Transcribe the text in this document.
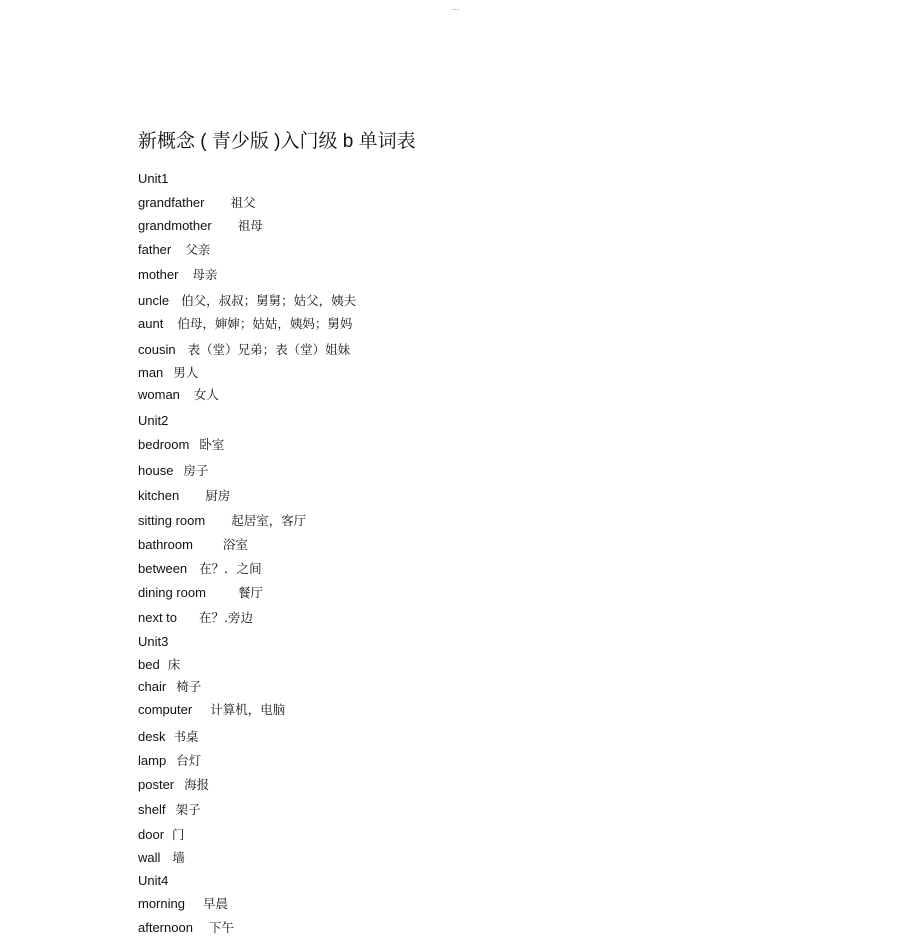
...
新概念 ( 青少版 )入门级 b 单词表
Unit1
grandfather 祖父
grandmother 祖母
father 父亲
mother 母亲
uncle 伯父，叔叔；舅舅；姑父，姨夫
aunt 伯母，婶婶；姑姑，姨妈；舅妈
cousin 表（堂）兄弟；表（堂）姐妹
man 男人
woman 女人
Unit2
bedroom 卧室
house 房子
kitchen 厨房
sitting room 起居室，客厅
bathroom 浴室
between 在？．之间
dining room	餐厅
next to 在？.旁边
Unit3
bed 床
chair 椅子
computer 计算机，电脑
desk 书桌
lamp 台灯
poster 海报
shelf 架子
door 门
wall 墙
Unit4
morning 早晨
afternoon 下午
